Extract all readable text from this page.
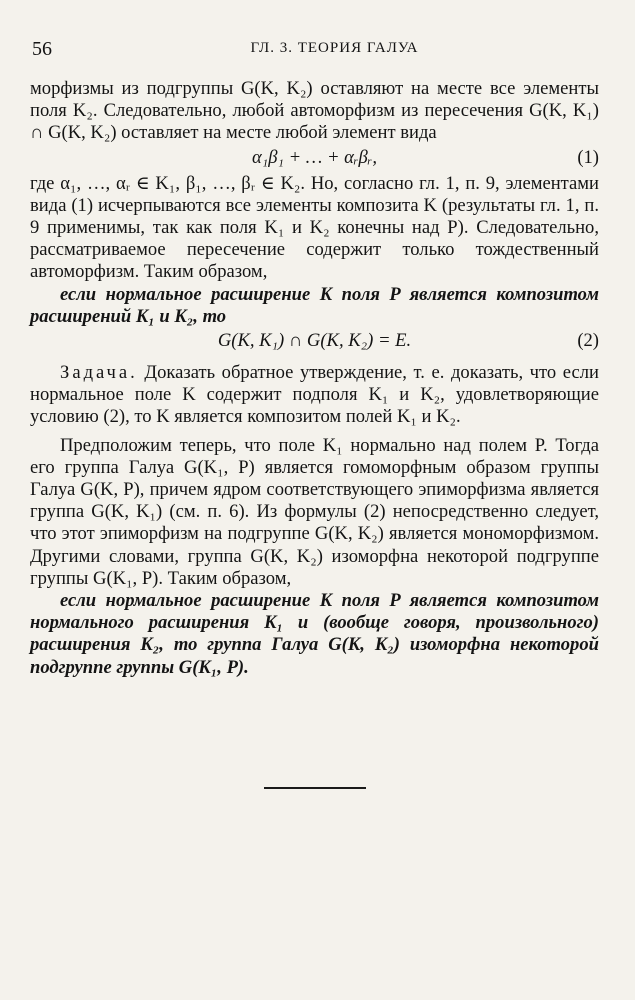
56	ГЛ. 3. ТЕОРИЯ ГАЛУА

морфизмы из подгруппы G(K, K₂) оставляют на месте все элементы поля K₂. Следовательно, любой автоморфизм из пересечения G(K, K₁) ∩ G(K, K₂) оставляет на месте любой элемент вида

α₁β₁ + … + αᵣβᵣ,	(1)

где α₁, …, αᵣ ∈ K₁, β₁, …, βᵣ ∈ K₂. Но, согласно гл. 1, п. 9, элементами вида (1) исчерпываются все элементы композита K (результаты гл. 1, п. 9 применимы, так как поля K₁ и K₂ конечны над P). Следовательно, рассматриваемое пересечение содержит только тождественный автоморфизм. Таким образом,

если нормальное расширение K поля P является композитом расширений K₁ и K₂, то

G(K, K₁) ∩ G(K, K₂) = E.	(2)

Задача. Доказать обратное утверждение, т. е. доказать, что если нормальное поле K содержит подполя K₁ и K₂, удовлетворяющие условию (2), то K является композитом полей K₁ и K₂.

Предположим теперь, что поле K₁ нормально над полем P. Тогда его группа Галуа G(K₁, P) является гомоморфным образом группы Галуа G(K, P), причем ядром соответствующего эпиморфизма является группа G(K, K₁) (см. п. 6). Из формулы (2) непосредственно следует, что этот эпиморфизм на подгруппе G(K, K₂) является мономорфизмом. Другими словами, группа G(K, K₂) изоморфна некоторой подгруппе группы G(K₁, P). Таким образом,

если нормальное расширение K поля P является композитом нормального расширения K₁ и (вообще говоря, произвольного) расширения K₂, то группа Галуа G(K, K₂) изоморфна некоторой подгруппе группы G(K₁, P).
